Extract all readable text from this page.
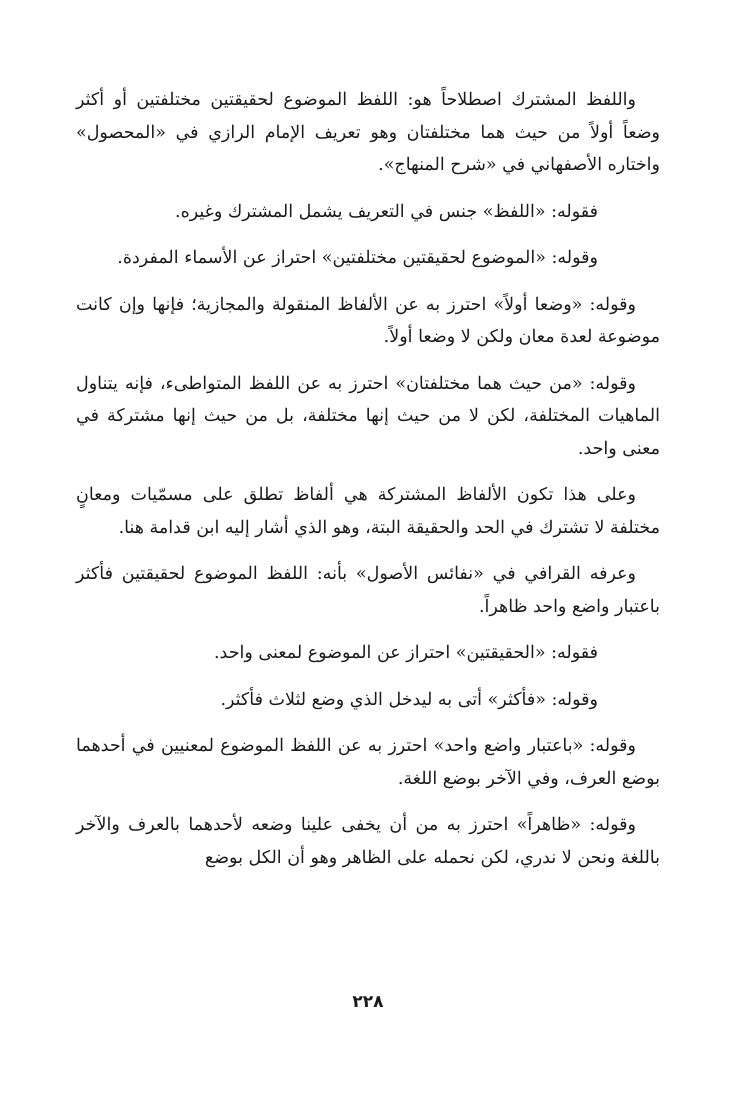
واللفظ المشترك اصطلاحاً هو: اللفظ الموضوع لحقيقتين مختلفتين أو أكثر وضعاً أولاً من حيث هما مختلفتان وهو تعريف الإمام الرازي في «المحصول» واختاره الأصفهاني في «شرح المنهاج».

فقوله: «اللفظ» جنس في التعريف يشمل المشترك وغيره.

وقوله: «الموضوع لحقيقتين مختلفتين» احتراز عن الأسماء المفردة.

وقوله: «وضعا أولاً» احترز به عن الألفاظ المنقولة والمجازية؛ فإنها وإن كانت موضوعة لعدة معان ولكن لا وضعا أولاً.

وقوله: «من حيث هما مختلفتان» احترز به عن اللفظ المتواطىء، فإنه يتناول الماهيات المختلفة، لكن لا من حيث إنها مختلفة، بل من حيث إنها مشتركة في معنى واحد.

وعلى هذا تكون الألفاظ المشتركة هي ألفاظ تطلق على مسمّيات ومعانٍ مختلفة لا تشترك في الحد والحقيقة البتة، وهو الذي أشار إليه ابن قدامة هنا.

وعرفه القرافي في «نفائس الأصول» بأنه: اللفظ الموضوع لحقيقتين فأكثر باعتبار واضع واحد ظاهراً.

فقوله: «الحقيقتين» احتراز عن الموضوع لمعنى واحد.

وقوله: «فأكثر» أتى به ليدخل الذي وضع لثلاث فأكثر.

وقوله: «باعتبار واضع واحد» احترز به عن اللفظ الموضوع لمعنيين في أحدهما بوضع العرف، وفي الآخر بوضع اللغة.

وقوله: «ظاهراً» احترز به من أن يخفى علينا وضعه لأحدهما بالعرف والآخر باللغة ونحن لا ندري، لكن نحمله على الظاهر وهو أن الكل بوضع

٢٢٨
